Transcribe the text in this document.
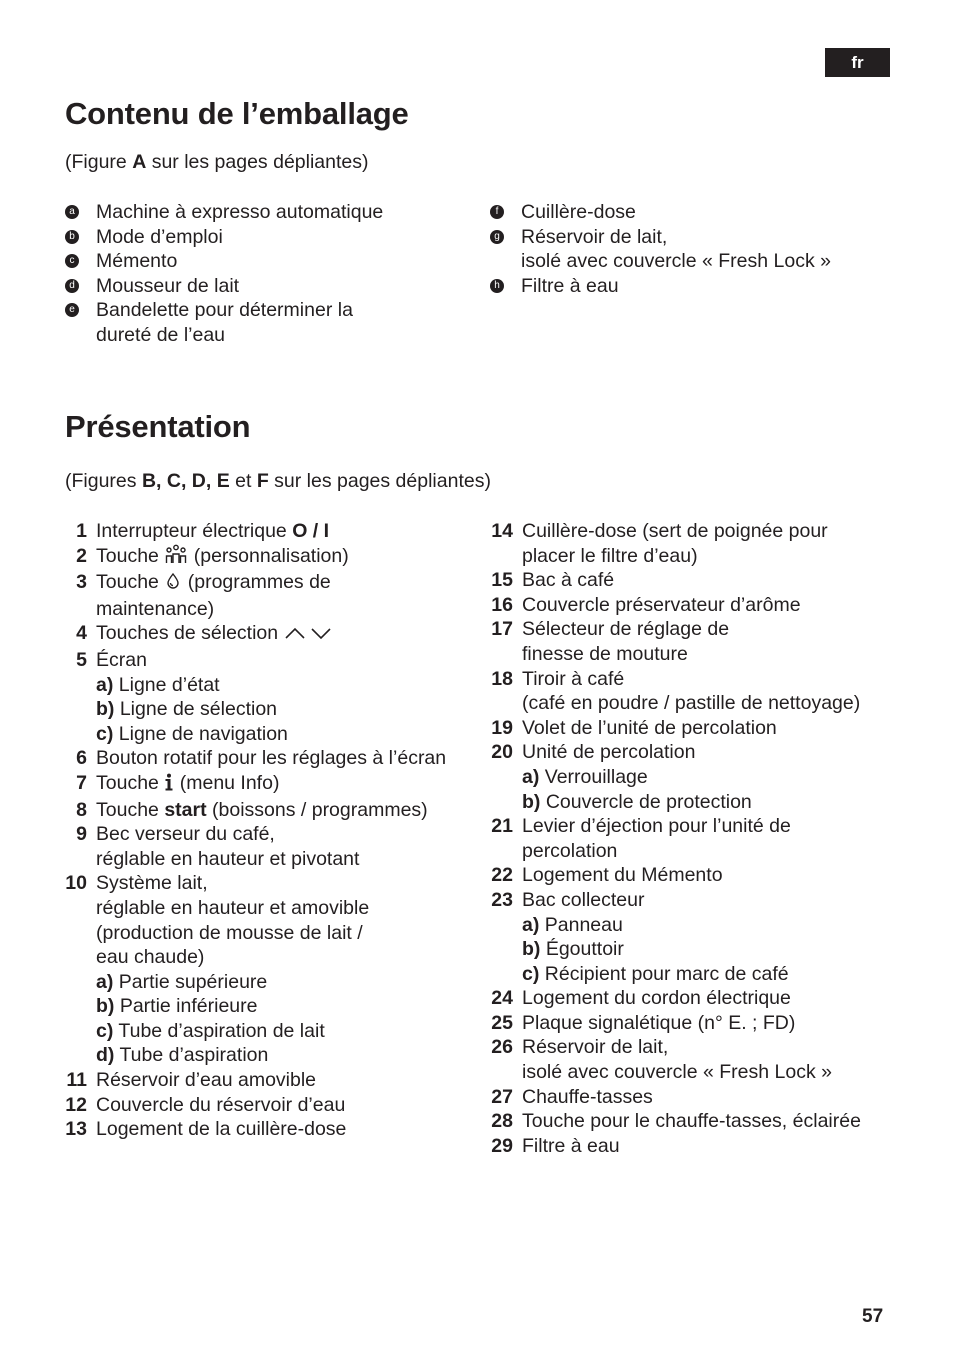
fr
Contenu de l’emballage

(Figure A sur les pages dépliantes)

a Machine à expresso automatique
b Mode d’emploi
c Mémento
d Mousseur de lait
e Bandelette pour déterminer la
dureté de l’eau
f Cuillère-dose
g Réservoir de lait,
isolé avec couvercle « Fresh Lock »
h Filtre à eau
Présentation

(Figures B, C, D, E et F sur les pages dépliantes)

1 Interrupteur électrique O / I
2 Touche  (personnalisation)
3 Touche  (programmes de
maintenance)
4 Touches de sélection
5 Écran
a) Ligne d’état
b) Ligne de sélection
c) Ligne de navigation
6 Bouton rotatif pour les réglages à l’écran
7 Touche  (menu Info)
8 Touche start (boissons / programmes)
9 Bec verseur du café,
réglable en hauteur et pivotant
10 Système lait,
réglable en hauteur et amovible
(production de mousse de lait /
eau chaude)
a) Partie supérieure
b) Partie inférieure
c) Tube d’aspiration de lait
d) Tube d’aspiration
11 Réservoir d’eau amovible
12 Couvercle du réservoir d’eau
13 Logement de la cuillère-dose
14 Cuillère-dose (sert de poignée pour
placer le filtre d’eau)
15 Bac à café
16 Couvercle préservateur d’arôme
17 Sélecteur de réglage de
finesse de mouture
18 Tiroir à café
(café en poudre / pastille de nettoyage)
19 Volet de l’unité de percolation
20 Unité de percolation
a) Verrouillage
b) Couvercle de protection
21 Levier d’éjection pour l’unité de
percolation
22 Logement du Mémento
23 Bac collecteur
a) Panneau
b) Égouttoir
c) Récipient pour marc de café
24 Logement du cordon électrique
25 Plaque signalétique (n° E. ; FD)
26 Réservoir de lait,
isolé avec couvercle « Fresh Lock »
27 Chauffe-tasses
28 Touche pour le chauffe-tasses, éclairée
29 Filtre à eau
57
